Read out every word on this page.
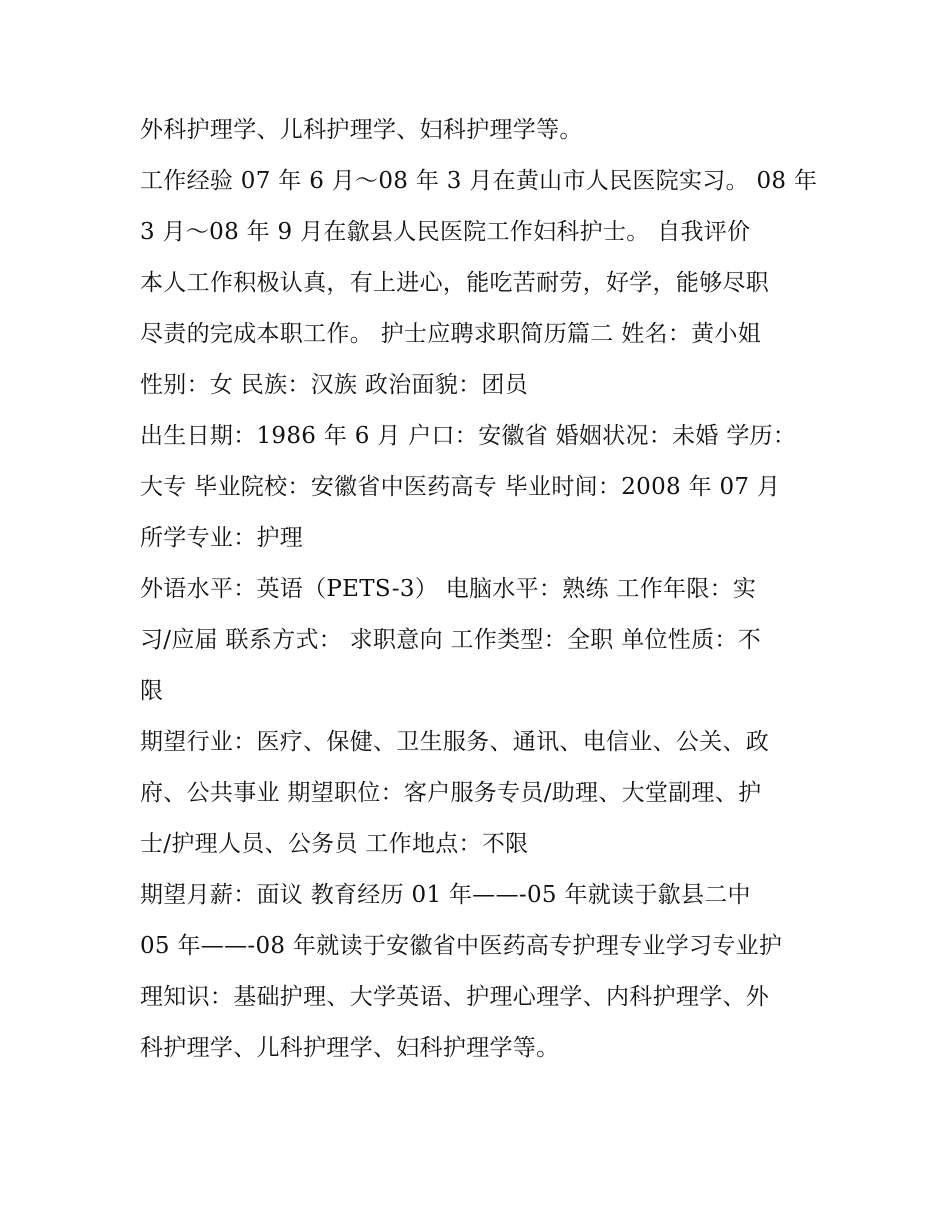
外科护理学、儿科护理学、妇科护理学等。
工作经验 07 年 6 月～08 年 3 月在黄山市人民医院实习。 08 年
3 月～08 年 9 月在歙县人民医院工作妇科护士。 自我评价
本人工作积极认真，有上进心，能吃苦耐劳，好学，能够尽职
尽责的完成本职工作。 护士应聘求职简历篇二 姓名：黄小姐
性别：女 民族：汉族 政治面貌：团员
出生日期：1986 年 6 月 户口：安徽省 婚姻状况：未婚 学历：
大专 毕业院校：安徽省中医药高专 毕业时间：2008 年 07 月
所学专业：护理
外语水平：英语（PETS-3） 电脑水平：熟练 工作年限：实
习/应届 联系方式： 求职意向 工作类型：全职 单位性质：不
限
期望行业：医疗、保健、卫生服务、通讯、电信业、公关、政
府、公共事业 期望职位：客户服务专员/助理、大堂副理、护
士/护理人员、公务员 工作地点：不限
期望月薪：面议 教育经历 01 年——-05 年就读于歙县二中
05 年——-08 年就读于安徽省中医药高专护理专业学习专业护
理知识：基础护理、大学英语、护理心理学、内科护理学、外
科护理学、儿科护理学、妇科护理学等。
